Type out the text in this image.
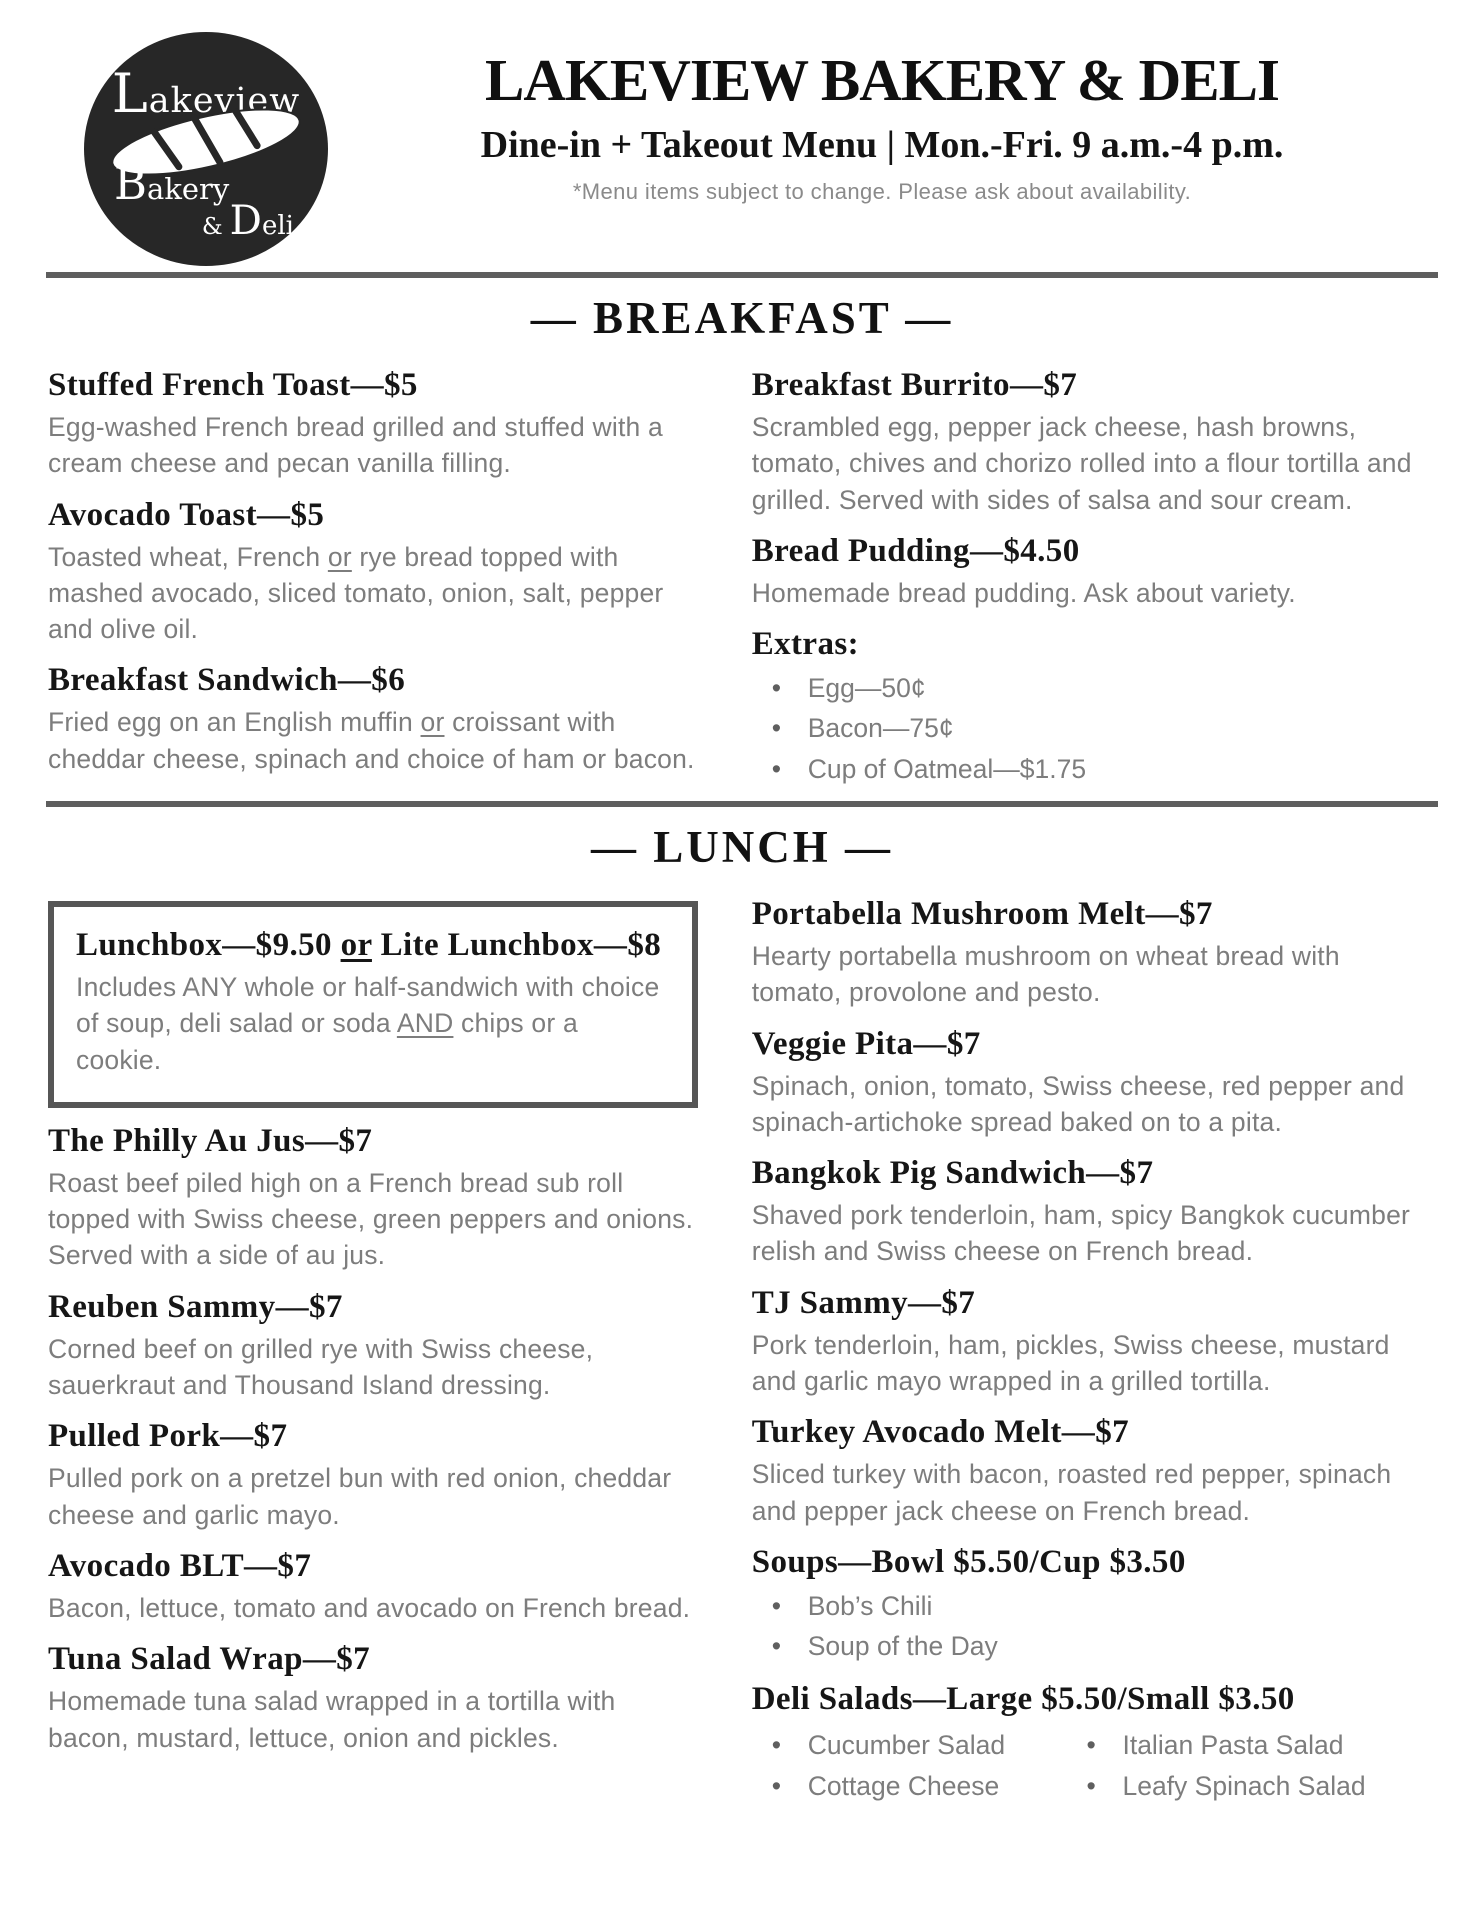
Lakeview

Bakery

& Deli

LAKEVIEW BAKERY & DELI
Dine-in + Takeout Menu | Mon.-Fri. 9 a.m.-4 p.m.

*Menu items subject to change. Please ask about availability.

— BREAKFAST —
Stuffed French Toast—$5

Egg-washed French bread grilled and stuffed with a cream cheese and pecan vanilla filling.

Avocado Toast—$5

Toasted wheat, French or rye bread topped with mashed avocado, sliced tomato, onion, salt, pepper and olive oil.

Breakfast Sandwich—$6

Fried egg on an English muffin or croissant with cheddar cheese, spinach and choice of ham or bacon.

Breakfast Burrito—$7

Scrambled egg, pepper jack cheese, hash browns, tomato, chives and chorizo rolled into a flour tortilla and grilled. Served with sides of salsa and sour cream.

Bread Pudding—$4.50

Homemade bread pudding. Ask about variety.

Extras:
• Egg—50¢
• Bacon—75¢
• Cup of Oatmeal—$1.75
— LUNCH —
Lunchbox—$9.50 or Lite Lunchbox—$8

Includes ANY whole or half-sandwich with choice of soup, deli salad or soda AND chips or a cookie.

The Philly Au Jus—$7

Roast beef piled high on a French bread sub roll topped with Swiss cheese, green peppers and onions. Served with a side of au jus.

Reuben Sammy—$7

Corned beef on grilled rye with Swiss cheese, sauerkraut and Thousand Island dressing.

Pulled Pork—$7

Pulled pork on a pretzel bun with red onion, cheddar cheese and garlic mayo.

Avocado BLT—$7

Bacon, lettuce, tomato and avocado on French bread.

Tuna Salad Wrap—$7

Homemade tuna salad wrapped in a tortilla with bacon, mustard, lettuce, onion and pickles.

Portabella Mushroom Melt—$7

Hearty portabella mushroom on wheat bread with tomato, provolone and pesto.

Veggie Pita—$7

Spinach, onion, tomato, Swiss cheese, red pepper and spinach-artichoke spread baked on to a pita.

Bangkok Pig Sandwich—$7

Shaved pork tenderloin, ham, spicy Bangkok cucumber relish and Swiss cheese on French bread.

TJ Sammy—$7

Pork tenderloin, ham, pickles, Swiss cheese, mustard and garlic mayo wrapped in a grilled tortilla.

Turkey Avocado Melt—$7

Sliced turkey with bacon, roasted red pepper, spinach and pepper jack cheese on French bread.

Soups—Bowl $5.50/Cup $3.50
• Bob’s Chili
• Soup of the Day
Deli Salads—Large $5.50/Small $3.50
• Cucumber Salad
• Cottage Cheese
• Italian Pasta Salad
• Leafy Spinach Salad
